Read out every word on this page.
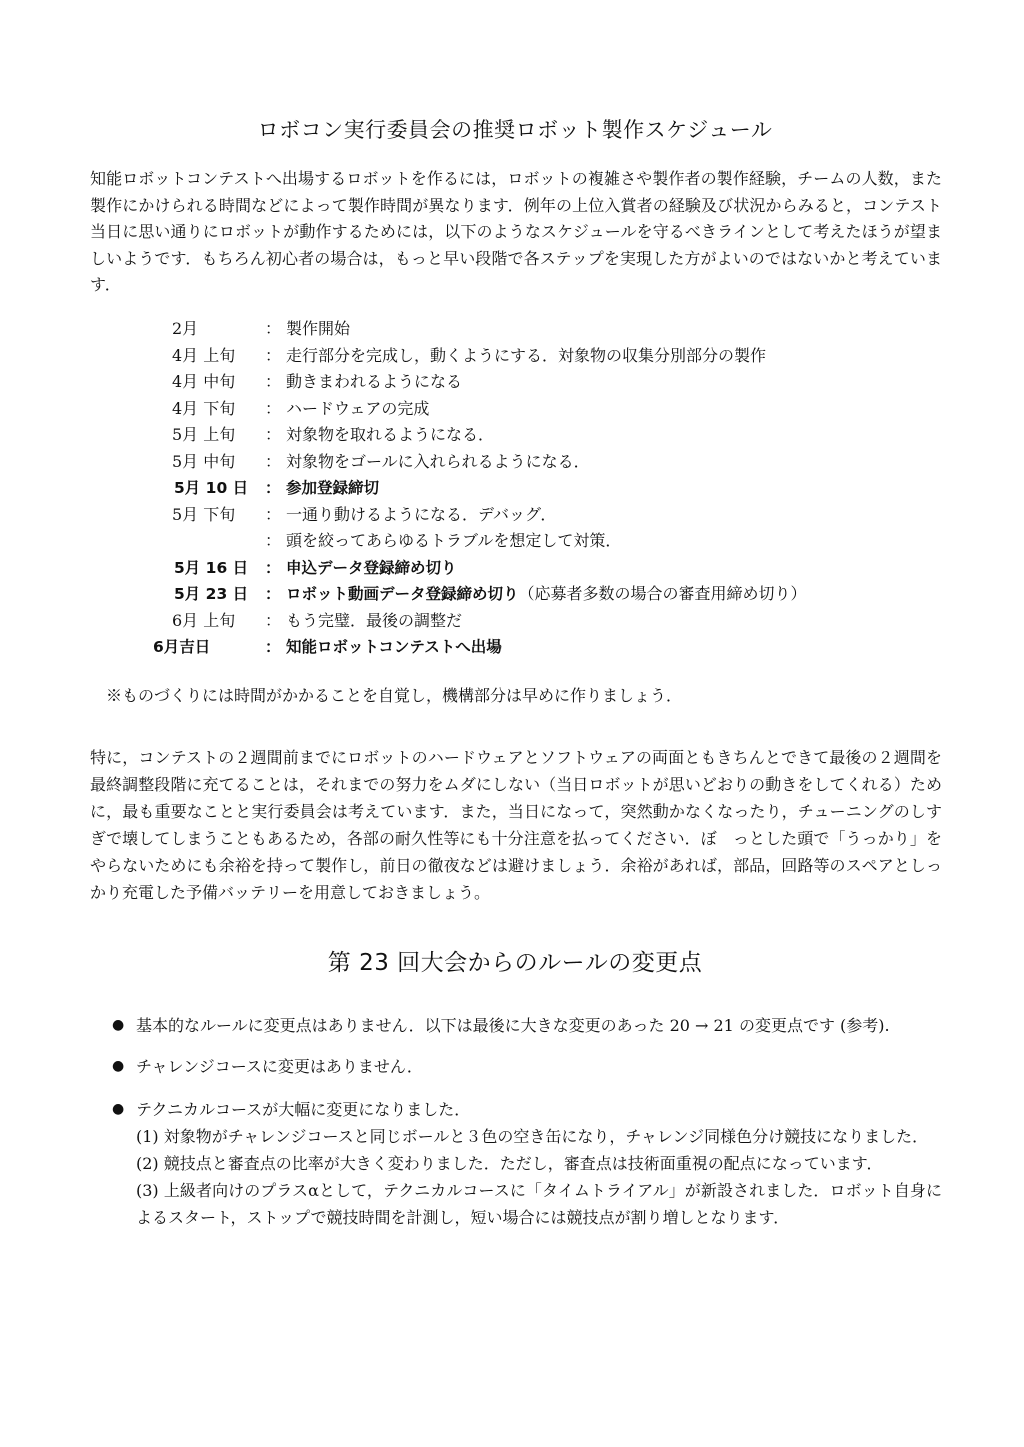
ロボコン実行委員会の推奨ロボット製作スケジュール

知能ロボットコンテストへ出場するロボットを作るには，ロボットの複雑さや製作者の製作経験，チームの人数，また製作にかけられる時間などによって製作時間が異なります．例年の上位入賞者の経験及び状況からみると，コンテスト当日に思い通りにロボットが動作するためには，以下のようなスケジュールを守るべきラインとして考えたほうが望ましいようです．もちろん初心者の場合は，もっと早い段階で各ステップを実現した方がよいのではないかと考えています．

2月	： 製作開始
4月 上旬 ： 走行部分を完成し，動くようにする．対象物の収集分別部分の製作
4月 中旬 ： 動きまわれるようになる
4月 下旬 ： ハードウェアの完成
5月 上旬 ： 対象物を取れるようになる．
5月 中旬 ： 対象物をゴールに入れられるようになる．
5月 10 日 ： 参加登録締切
5月 下旬 ： 一通り動けるようになる．デバッグ．
： 頭を絞ってあらゆるトラブルを想定して対策．
5月 16 日 ： 申込データ登録締め切り
5月 23 日 ： ロボット動画データ登録締め切り（応募者多数の場合の審査用締め切り）
6月 上旬 ： もう完璧．最後の調整だ
6月吉日	： 知能ロボットコンテストへ出場
※ものづくりには時間がかかることを自覚し，機構部分は早めに作りましょう．

特に，コンテストの２週間前までにロボットのハードウェアとソフトウェアの両面ともきちんとできて最後の２週間を最終調整段階に充てることは，それまでの努力をムダにしない（当日ロボットが思いどおりの動きをしてくれる）ために，最も重要なことと実行委員会は考えています．また，当日になって，突然動かなくなったり，チューニングのしすぎで壊してしまうこともあるため，各部の耐久性等にも十分注意を払ってください．ぼ　っとした頭で「うっかり」をやらないためにも余裕を持って製作し，前日の徹夜などは避けましょう．余裕があれば，部品，回路等のスペアとしっかり充電した予備バッテリーを用意しておきましょう。

第 23 回大会からのルールの変更点
● 基本的なルールに変更点はありません．以下は最後に大きな変更のあった 20 → 21 の変更点です (参考).
● チャレンジコースに変更はありません．
● テクニカルコースが大幅に変更になりました．
(1) 対象物がチャレンジコースと同じボールと３色の空き缶になり，チャレンジ同様色分け競技になりました．
(2) 競技点と審査点の比率が大きく変わりました．ただし，審査点は技術面重視の配点になっています．
(3) 上級者向けのプラスαとして，テクニカルコースに「タイムトライアル」が新設されました．ロボット自身によるスタート，ストップで競技時間を計測し，短い場合には競技点が割り増しとなります．
